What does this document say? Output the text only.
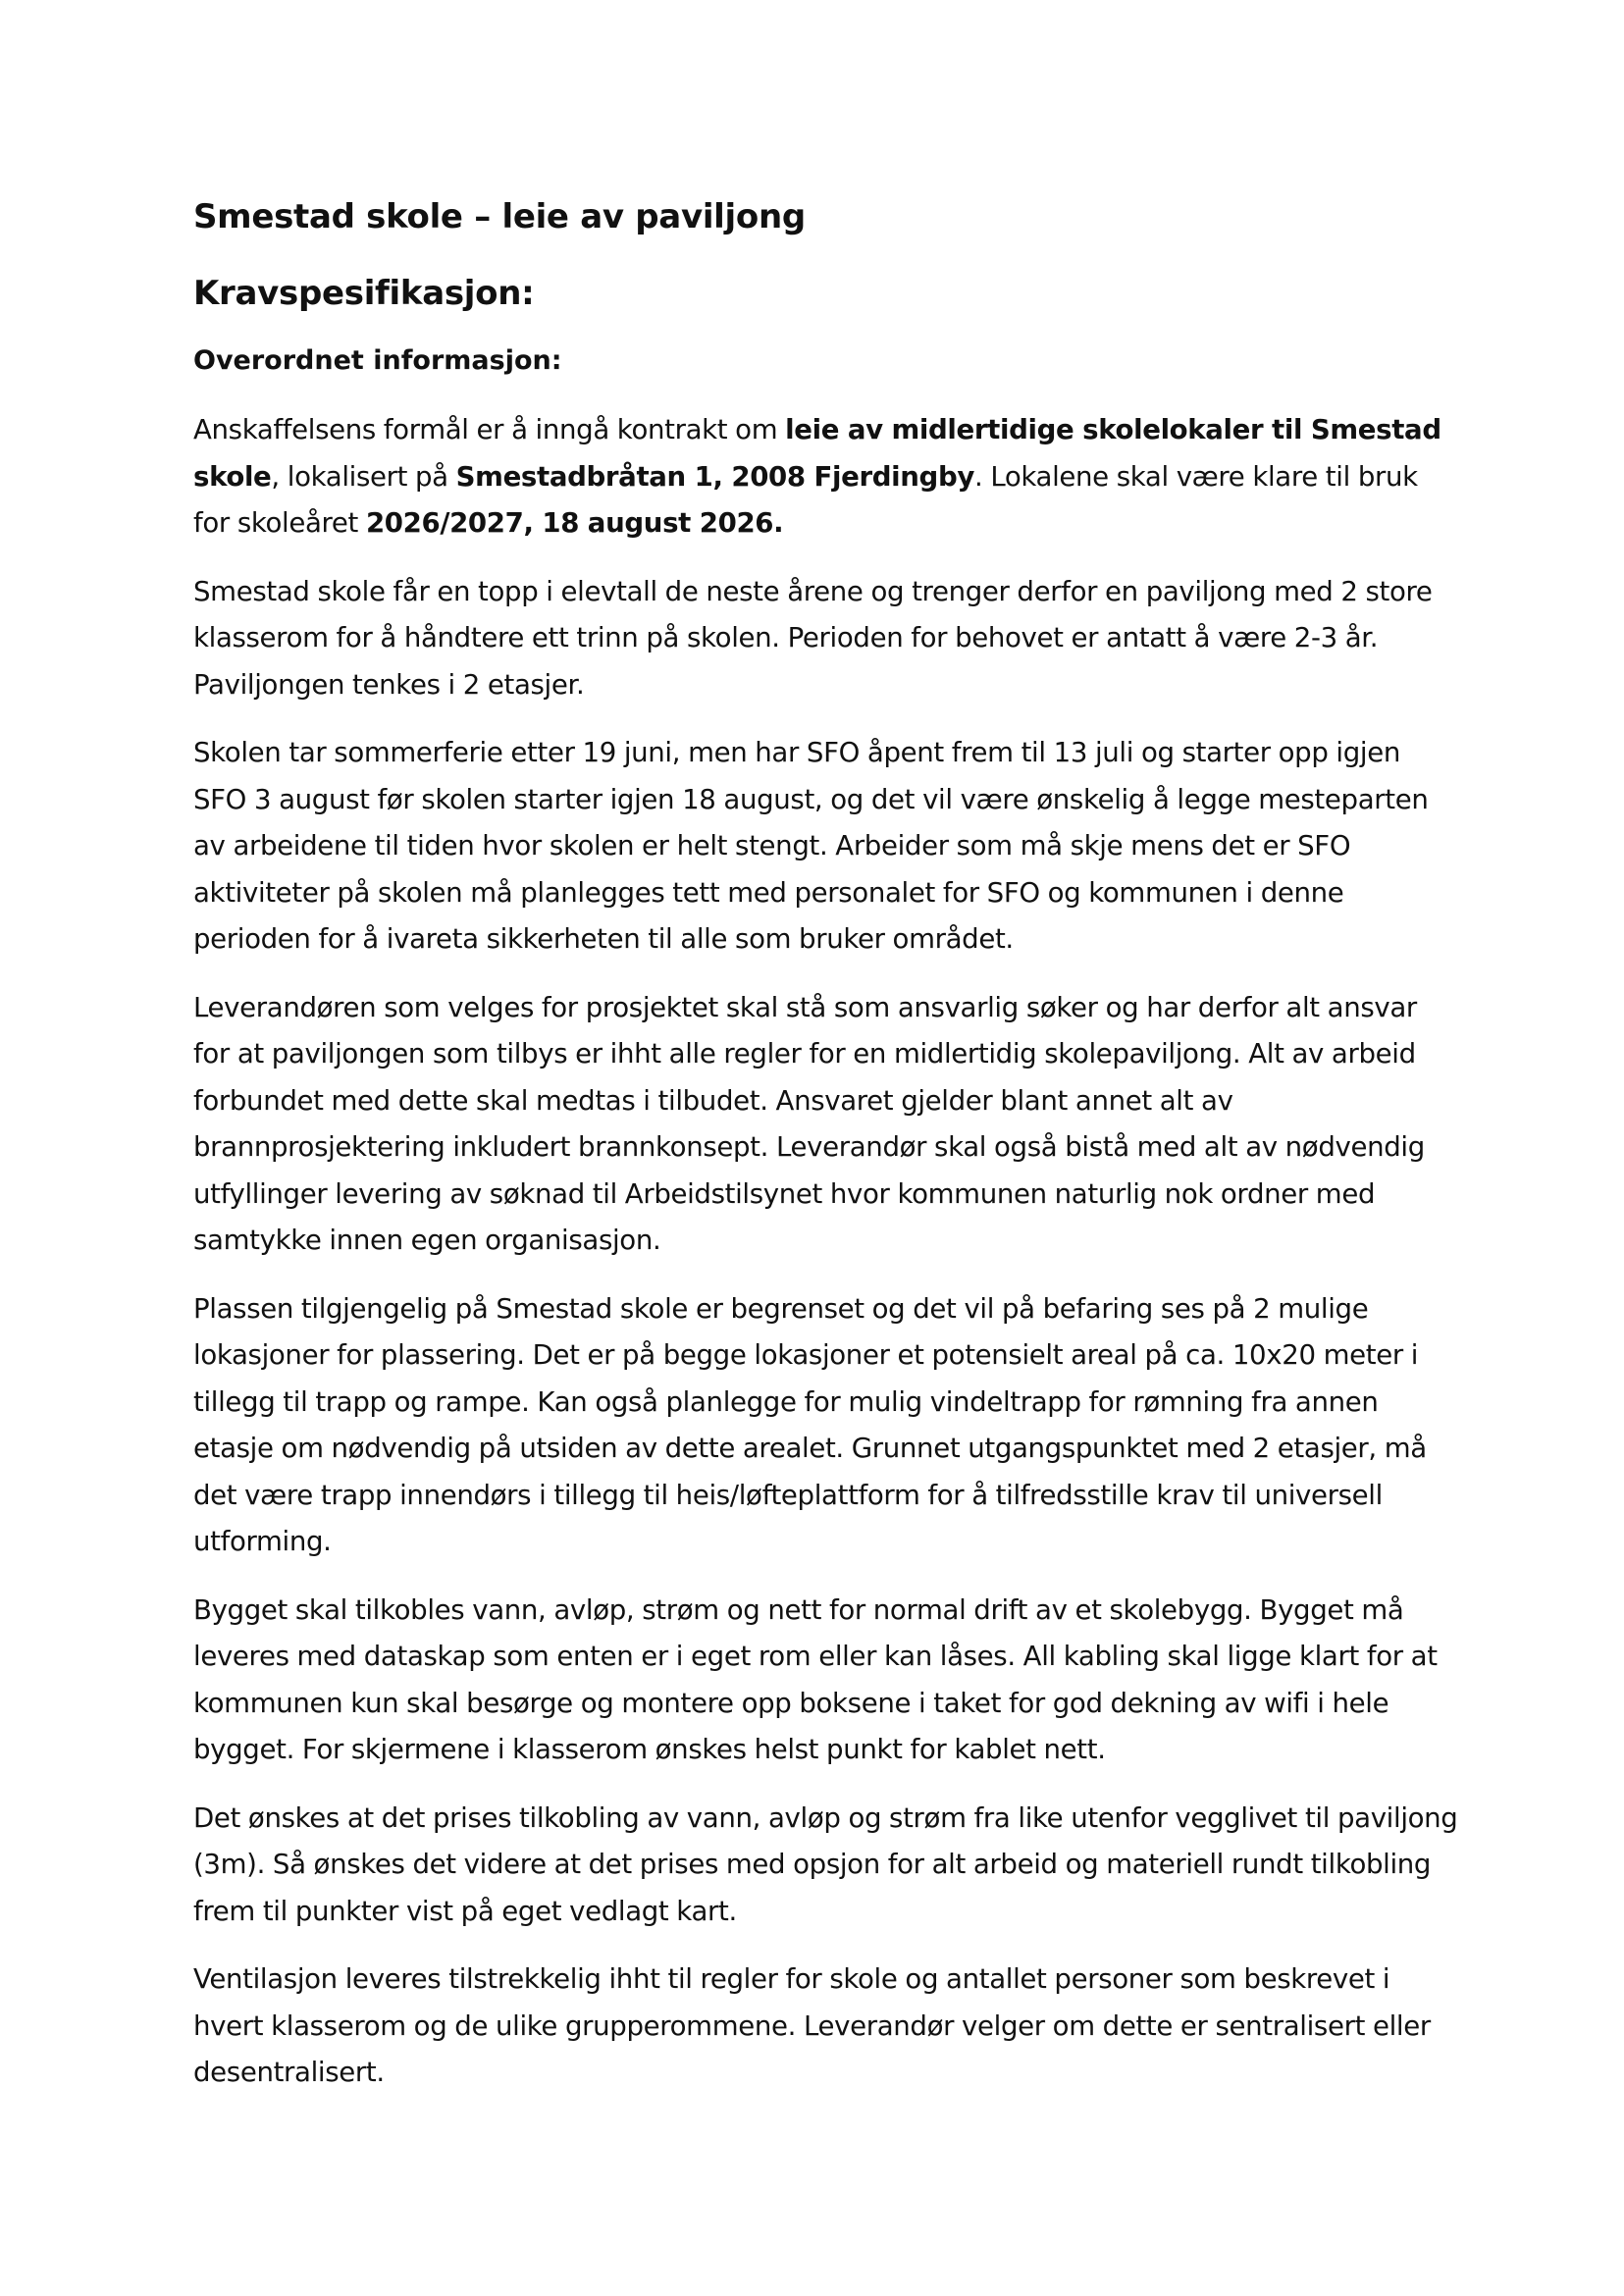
Smestad skole – leie av paviljong
Kravspesifikasjon:
Overordnet informasjon:

Anskaffelsens formål er å inngå kontrakt om leie av midlertidige skolelokaler til Smestad skole, lokalisert på Smestadbråtan 1, 2008 Fjerdingby. Lokalene skal være klare til bruk for skoleåret 2026/2027, 18 august 2026.

Smestad skole får en topp i elevtall de neste årene og trenger derfor en paviljong med 2 store klasserom for å håndtere ett trinn på skolen. Perioden for behovet er antatt å være 2-3 år. Paviljongen tenkes i 2 etasjer.

Skolen tar sommerferie etter 19 juni, men har SFO åpent frem til 13 juli og starter opp igjen SFO 3 august før skolen starter igjen 18 august, og det vil være ønskelig å legge mesteparten av arbeidene til tiden hvor skolen er helt stengt. Arbeider som må skje mens det er SFO aktiviteter på skolen må planlegges tett med personalet for SFO og kommunen i denne perioden for å ivareta sikkerheten til alle som bruker området.

Leverandøren som velges for prosjektet skal stå som ansvarlig søker og har derfor alt ansvar for at paviljongen som tilbys er ihht alle regler for en midlertidig skolepaviljong. Alt av arbeid forbundet med dette skal medtas i tilbudet. Ansvaret gjelder blant annet alt av brannprosjektering inkludert brannkonsept. Leverandør skal også bistå med alt av nødvendig utfyllinger levering av søknad til Arbeidstilsynet hvor kommunen naturlig nok ordner med samtykke innen egen organisasjon.

Plassen tilgjengelig på Smestad skole er begrenset og det vil på befaring ses på 2 mulige lokasjoner for plassering. Det er på begge lokasjoner et potensielt areal på ca. 10x20 meter i tillegg til trapp og rampe. Kan også planlegge for mulig vindeltrapp for rømning fra annen etasje om nødvendig på utsiden av dette arealet. Grunnet utgangspunktet med 2 etasjer, må det være trapp innendørs i tillegg til heis/løfteplattform for å tilfredsstille krav til universell utforming.

Bygget skal tilkobles vann, avløp, strøm og nett for normal drift av et skolebygg. Bygget må leveres med dataskap som enten er i eget rom eller kan låses. All kabling skal ligge klart for at kommunen kun skal besørge og montere opp boksene i taket for god dekning av wifi i hele bygget. For skjermene i klasserom ønskes helst punkt for kablet nett.

Det ønskes at det prises tilkobling av vann, avløp og strøm fra like utenfor vegglivet til paviljong (3m). Så ønskes det videre at det prises med opsjon for alt arbeid og materiell rundt tilkobling frem til punkter vist på eget vedlagt kart.

Ventilasjon leveres tilstrekkelig ihht til regler for skole og antallet personer som beskrevet i hvert klasserom og de ulike grupperommene. Leverandør velger om dette er sentralisert eller desentralisert.
